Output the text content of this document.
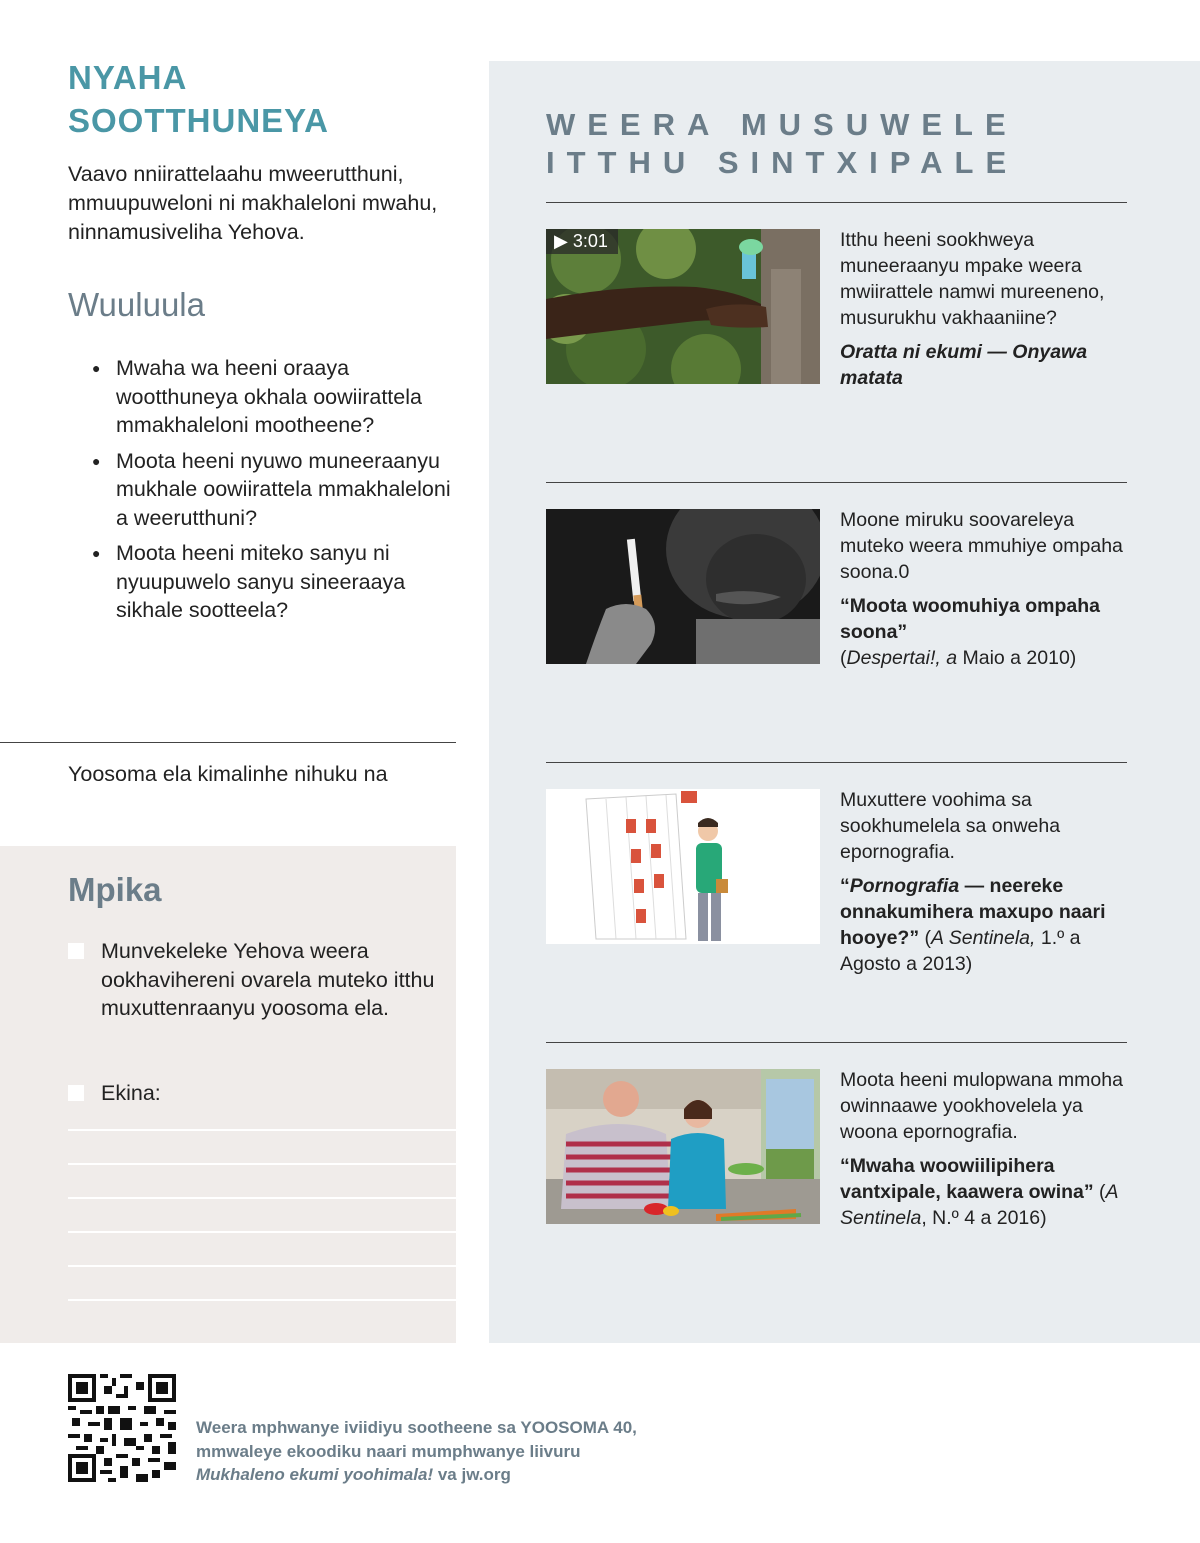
NYAHA
SOOTTHUNEYA

Vaavo nniirattelaahu mweerutthuni, mmuupuweloni ni makhaleloni mwahu, ninnamusiveliha Yehova.

Wuuluula
● Mwaha wa heeni oraaya wootthuneya okhala oowiirattela mmakhaleloni mootheene?
● Moota heeni nyuwo muneeraanyu mukhale oowiirattela mmakhaleloni a weerutthuni?
● Moota heeni miteko sanyu ni nyuupuwelo sanyu sineeraaya sikhale sootteela?
Yoosoma ela kimalinhe nihuku na
Mpika
Munvekeleke Yehova weera ookhavihereni ovarela muteko itthu muxuttenraanyu yoosoma ela.
Ekina:
WEERA MUSUWELE
ITTHU SINTXIPALE
▶ 3:01	Itthu heeni sookhweya muneeraanyu mpake weera mwiirattele namwi mureeneno, musurukhu vakhaaniine?
Oratta ni ekumi — Onyawa matata
Moone miruku soovareleya muteko weera mmuhiye ompaha soona.0
“Moota woomuhiya ompaha soona”
(Despertai!, a Maio a 2010)
Muxuttere voohima sa sookhumelela sa onweha epornografia.
“Pornografia — neereke onnakumihera maxupo naari hooye?” (A Sentinela, 1.º a Agosto a 2013)
Moota heeni mulopwana mmoha owinnaawe yookhovelela ya woona epornografia.
“Mwaha woowiilipihera vantxipale, kaawera owina” (A Sentinela, N.º 4 a 2016)
Weera mphwanye iviidiyu sootheene sa YOOSOMA 40,
mmwaleye ekoodiku naari mumphwanye liivuru
Mukhaleno ekumi yoohimala! va jw.org
